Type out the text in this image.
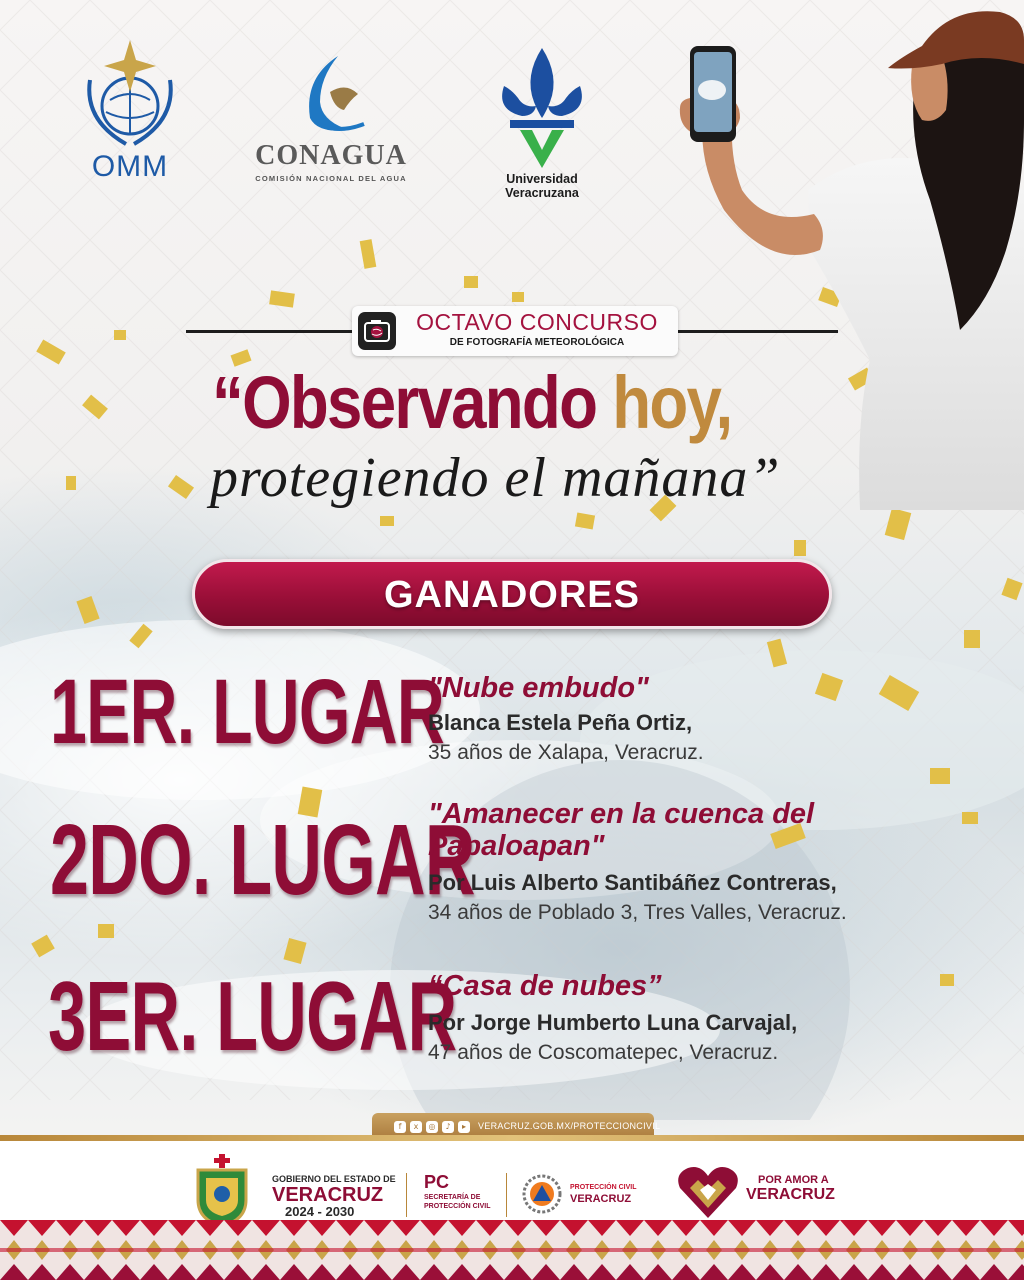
OMM	CONAGUA
COMISIÓN NACIONAL DEL AGUA	Universidad Veracruzana
OCTAVO CONCURSO
DE FOTOGRAFÍA METEOROLÓGICA
“Observando hoy,
protegiendo el mañana”
GANADORES
1ER. LUGAR
"Nube embudo"
Blanca Estela Peña Ortiz,
35 años de Xalapa, Veracruz.
2DO. LUGAR
"Amanecer en la cuenca del
Papaloapan"
Por Luis Alberto Santibáñez Contreras,
34 años de Poblado 3, Tres Valles, Veracruz.
3ER. LUGAR
“Casa de nubes”
Por Jorge Humberto Luna Carvajal,
47 años de Coscomatepec, Veracruz.
f	x	◎	♪	▸	VERACRUZ.GOB.MX/PROTECCIONCIVIL
GOBIERNO DEL ESTADO DE
VERACRUZ
2024 - 2030
PC
SECRETARÍA DE
PROTECCIÓN CIVIL
PROTECCIÓN CIVIL
VERACRUZ
POR AMOR A
VERACRUZ
